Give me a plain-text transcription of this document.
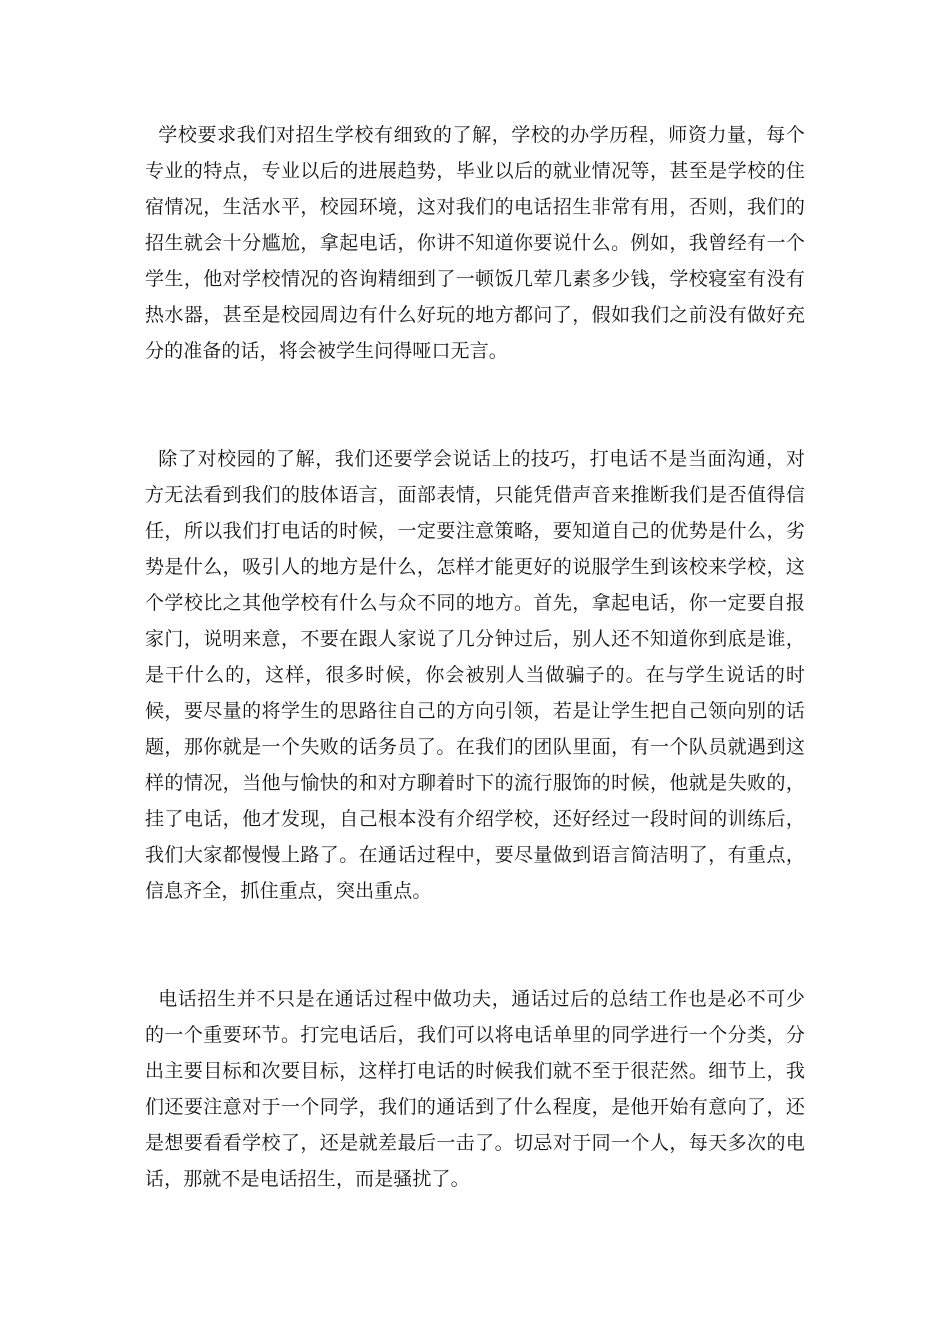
学校要求我们对招生学校有细致的了解，学校的办学历程，师资力量，每个专业的特点，专业以后的进展趋势，毕业以后的就业情况等，甚至是学校的住宿情况，生活水平，校园环境，这对我们的电话招生非常有用，否则，我们的招生就会十分尴尬，拿起电话，你讲不知道你要说什么。例如，我曾经有一个学生，他对学校情况的咨询精细到了一顿饭几荤几素多少钱，学校寝室有没有热水器，甚至是校园周边有什么好玩的地方都问了，假如我们之前没有做好充分的准备的话，将会被学生问得哑口无言。

除了对校园的了解，我们还要学会说话上的技巧，打电话不是当面沟通，对方无法看到我们的肢体语言，面部表情，只能凭借声音来推断我们是否值得信任，所以我们打电话的时候，一定要注意策略，要知道自己的优势是什么，劣势是什么，吸引人的地方是什么，怎样才能更好的说服学生到该校来学校，这个学校比之其他学校有什么与众不同的地方。首先，拿起电话，你一定要自报家门，说明来意，不要在跟人家说了几分钟过后，别人还不知道你到底是谁，是干什么的，这样，很多时候，你会被别人当做骗子的。在与学生说话的时候，要尽量的将学生的思路往自己的方向引领，若是让学生把自己领向别的话题，那你就是一个失败的话务员了。在我们的团队里面，有一个队员就遇到这样的情况，当他与愉快的和对方聊着时下的流行服饰的时候，他就是失败的，挂了电话，他才发现，自己根本没有介绍学校，还好经过一段时间的训练后，我们大家都慢慢上路了。在通话过程中，要尽量做到语言简洁明了，有重点，信息齐全，抓住重点，突出重点。

电话招生并不只是在通话过程中做功夫，通话过后的总结工作也是必不可少的一个重要环节。打完电话后，我们可以将电话单里的同学进行一个分类，分出主要目标和次要目标，这样打电话的时候我们就不至于很茫然。细节上，我们还要注意对于一个同学，我们的通话到了什么程度，是他开始有意向了，还是想要看看学校了，还是就差最后一击了。切忌对于同一个人，每天多次的电话，那就不是电话招生，而是骚扰了。
